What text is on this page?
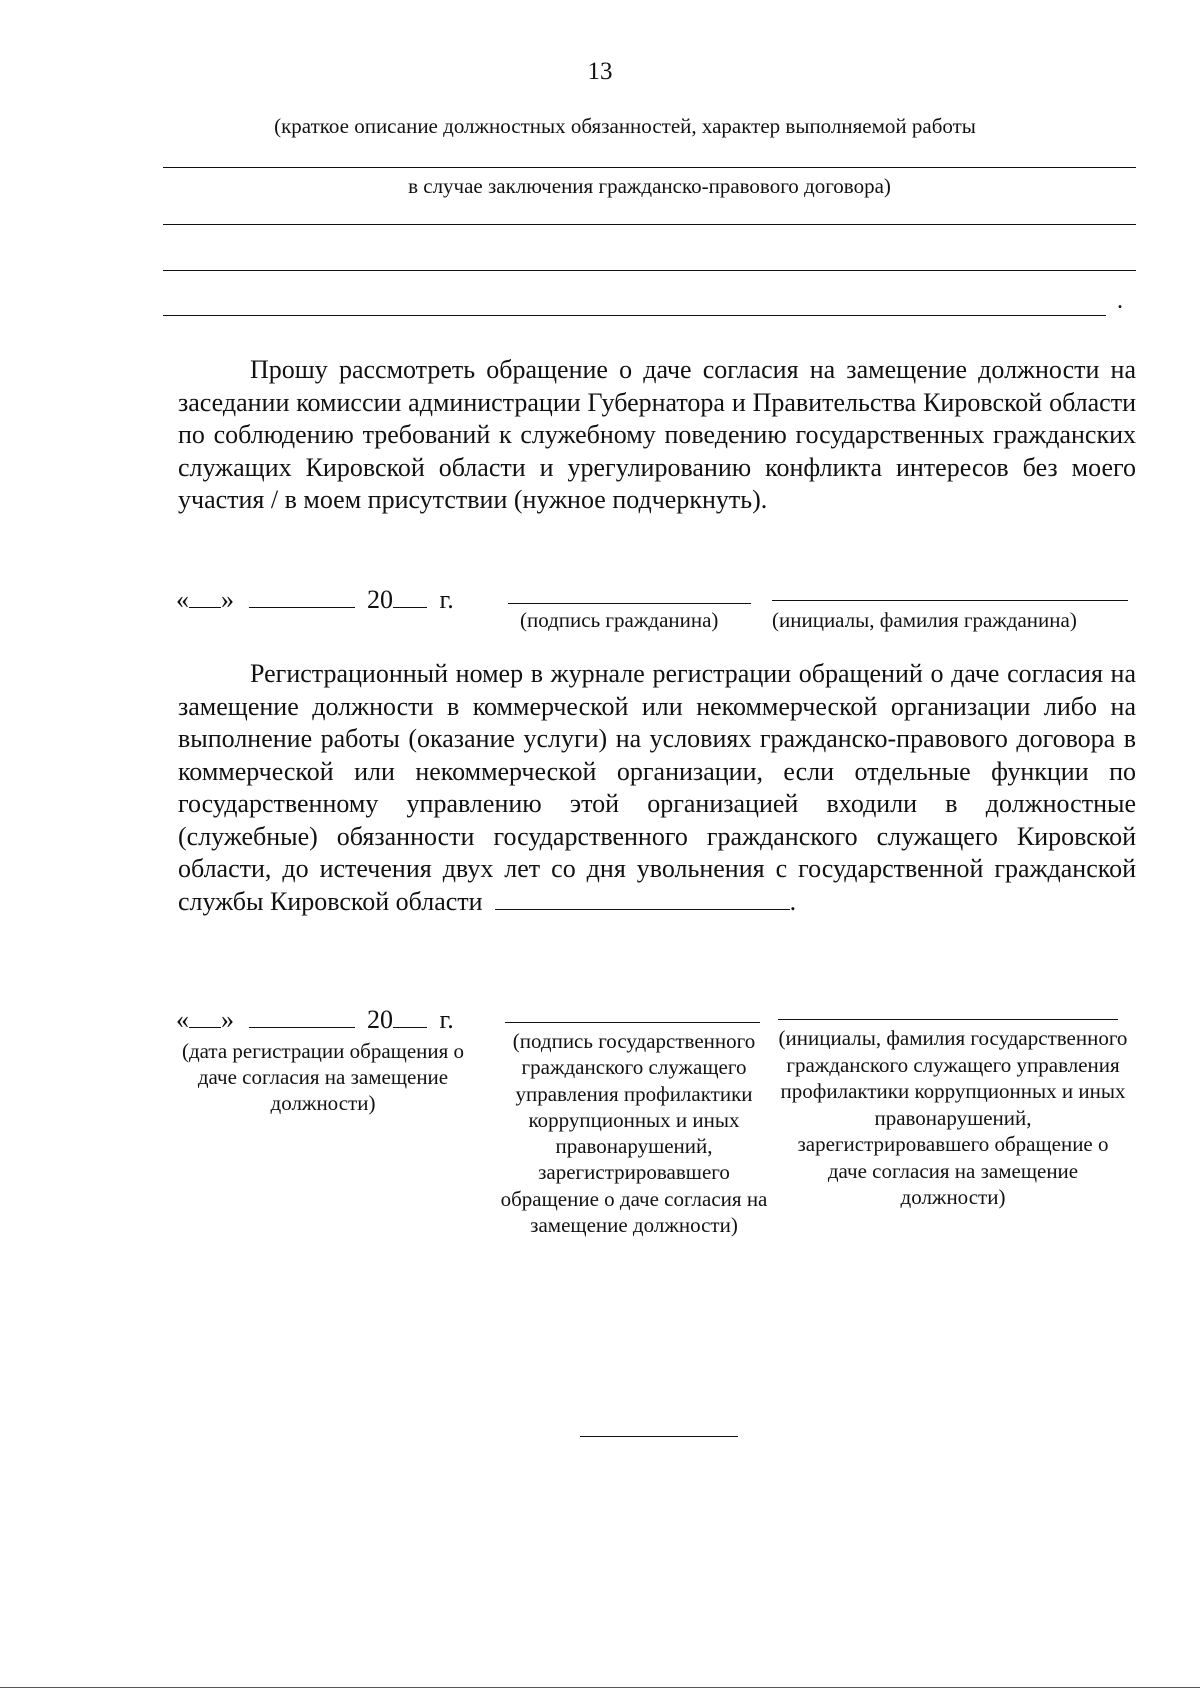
13
(краткое описание должностных обязанностей, характер выполняемой работы
в случае заключения гражданско-правового договора)
.
Прошу рассмотреть обращение о даче согласия на замещение должности на заседании комиссии администрации Губернатора и Правительства Кировской области по соблюдению требований к служебному поведению государственных гражданских служащих Кировской области и урегулированию конфликта интересов без моего участия / в моем присутствии (нужное подчеркнуть).
« »	20 г.
(подпись гражданина)	(инициалы, фамилия гражданина)
Регистрационный номер в журнале регистрации обращений о даче согласия на замещение должности в коммерческой или некоммерческой организации либо на выполнение работы (оказание услуги) на условиях гражданско-правового договора в коммерческой или некоммерческой организации, если отдельные функции по государственному управлению этой организацией входили в должностные (служебные) обязанности государственного гражданского служащего Кировской области, до истечения двух лет со дня увольнения с государственной гражданской службы Кировской области	.
« »	20 г.
(дата регистрации обращения о даче согласия на замещение должности)
(подпись государственного гражданского служащего управления профилактики коррупционных и иных правонарушений, зарегистрировавшего обращение о даче согласия на замещение должности)
(инициалы, фамилия государственного гражданского служащего управления профилактики коррупционных и иных правонарушений, зарегистрировавшего обращение о даче согласия на замещение должности)
